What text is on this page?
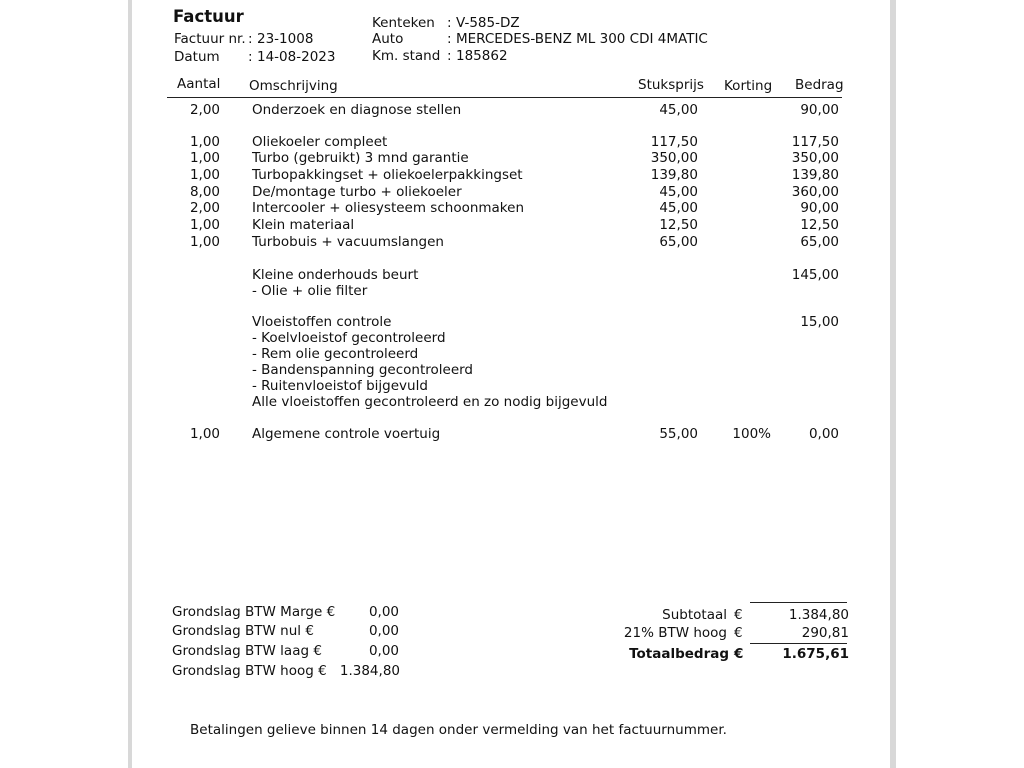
Factuur
Factuur nr. : 23-1008
Datum : 14-08-2023
Kenteken : V-585-DZ
Auto	: MERCEDES-BENZ ML 300 CDI 4MATIC
Km. stand : 185862
Aantal Omschrijving	Stuksprijs Korting Bedrag
2,00 Onderzoek en diagnose stellen	45,00	90,00
1,00 Oliekoeler compleet	117,50	117,50
1,00 Turbo (gebruikt) 3 mnd garantie	350,00	350,00
1,00 Turbopakkingset + oliekoelerpakkingset	139,80	139,80
8,00 De/montage turbo + oliekoeler	45,00	360,00
2,00 Intercooler + oliesysteem schoonmaken	45,00	90,00
1,00 Klein materiaal	12,50	12,50
1,00 Turbobuis + vacuumslangen	65,00	65,00
Kleine onderhouds beurt	145,00
- Olie + olie filter
Vloeistoffen controle	15,00
- Koelvloeistof gecontroleerd
- Rem olie gecontroleerd
- Bandenspanning gecontroleerd
- Ruitenvloeistof bijgevuld
Alle vloeistoffen gecontroleerd en zo nodig bijgevuld
1,00 Algemene controle voertuig	55,00	100%	0,00
Grondslag BTW Marge €	0,00
Grondslag BTW nul €	0,00
Grondslag BTW laag €	0,00
Grondslag BTW hoog € 1.384,80
Subtotaal €	1.384,80
21% BTW hoog €	290,81
Totaalbedrag €	1.675,61
Betalingen gelieve binnen 14 dagen onder vermelding van het factuurnummer.
